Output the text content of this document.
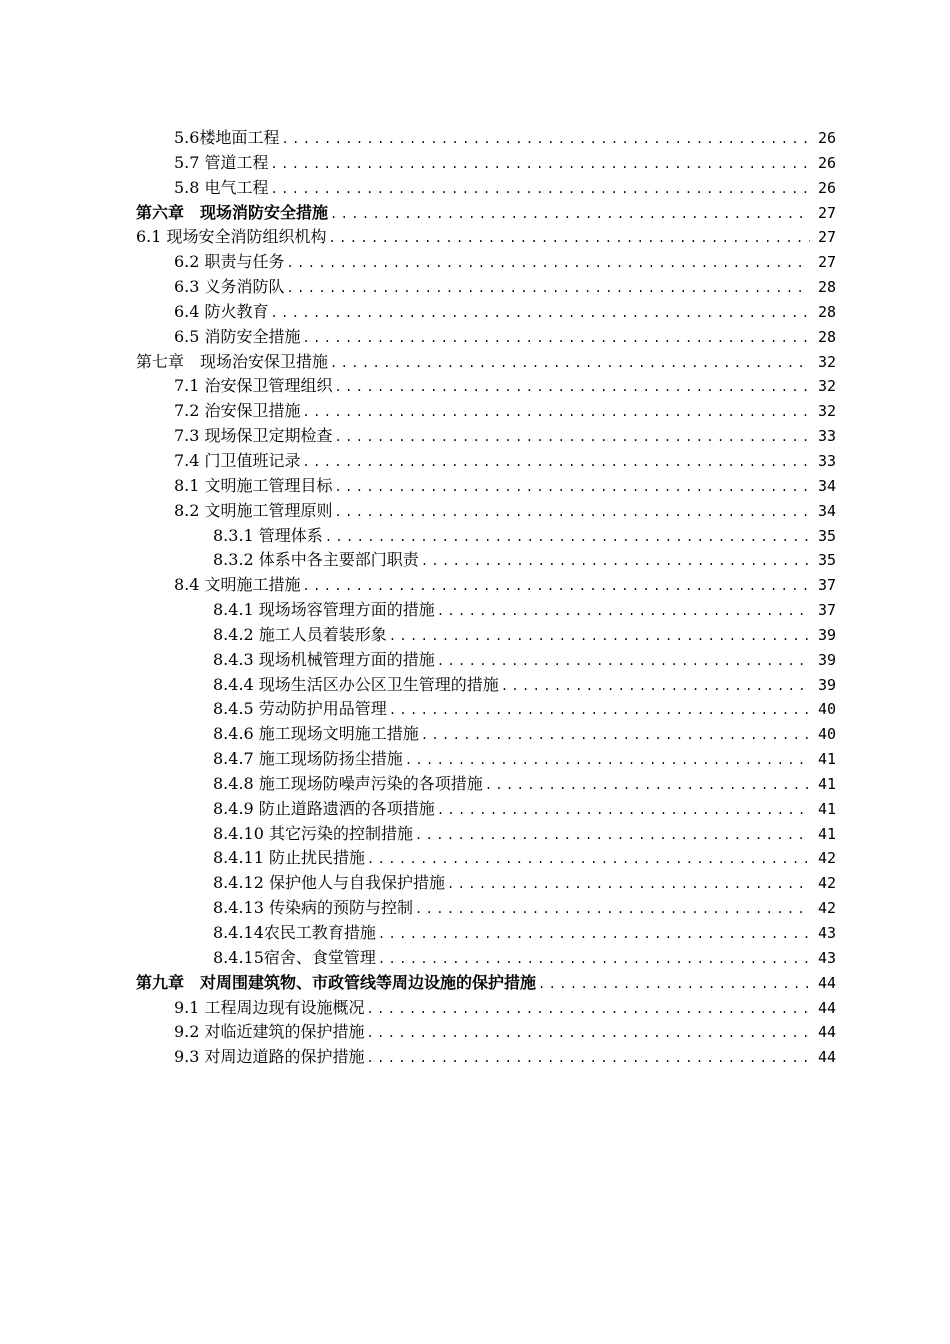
5.6楼地面工程 .....	26
5.7 管道工程 .....	26
5.8 电气工程 .....	26
第六章　现场消防安全措施 .....	27
6.1 现场安全消防组织机构 .....	27
6.2 职责与任务 .....	27
6.3 义务消防队 .....	28
6.4 防火教育 .....	28
6.5 消防安全措施 .....	28
第七章　现场治安保卫措施 .....	32
7.1 治安保卫管理组织 .....	32
7.2 治安保卫措施 .....	32
7.3 现场保卫定期检查 .....	33
7.4 门卫值班记录 .....	33
8.1 文明施工管理目标 .....	34
8.2 文明施工管理原则 .....	34
8.3.1 管理体系 .....	35
8.3.2 体系中各主要部门职责 .....	35
8.4 文明施工措施 .....	37
8.4.1 现场场容管理方面的措施 .....	37
8.4.2 施工人员着装形象 .....	39
8.4.3 现场机械管理方面的措施 .....	39
8.4.4 现场生活区办公区卫生管理的措施 .....	39
8.4.5 劳动防护用品管理 .....	40
8.4.6 施工现场文明施工措施 .....	40
8.4.7 施工现场防扬尘措施 .....	41
8.4.8 施工现场防噪声污染的各项措施 .....	41
8.4.9 防止道路遗洒的各项措施 .....	41
8.4.10 其它污染的控制措施 .....	41
8.4.11 防止扰民措施 .....	42
8.4.12 保护他人与自我保护措施 .....	42
8.4.13 传染病的预防与控制 .....	42
8.4.14农民工教育措施 .....	43
8.4.15宿舍、食堂管理 .....	43
第九章　对周围建筑物、市政管线等周边设施的保护措施 .....	44
9.1 工程周边现有设施概况 .....	44
9.2 对临近建筑的保护措施 .....	44
9.3 对周边道路的保护措施 .....	44
